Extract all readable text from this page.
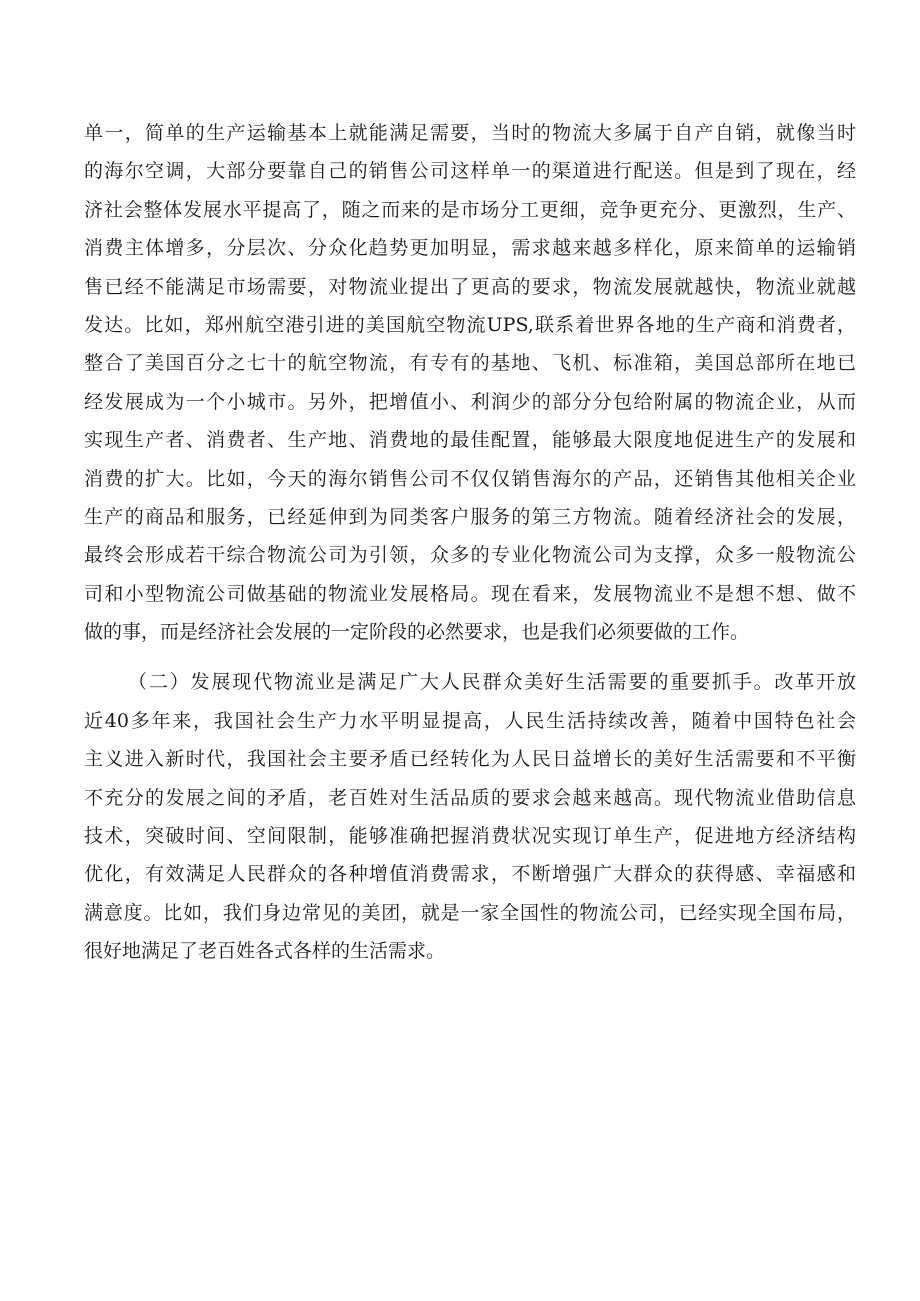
单一，简单的生产运输基本上就能满足需要，当时的物流大多属于自产自销，就像当时
的海尔空调，大部分要靠自己的销售公司这样单一的渠道进行配送。但是到了现在，经
济社会整体发展水平提高了，随之而来的是市场分工更细，竞争更充分、更激烈，生产、
消费主体增多，分层次、分众化趋势更加明显，需求越来越多样化，原来简单的运输销
售已经不能满足市场需要，对物流业提出了更高的要求，物流发展就越快，物流业就越
发达。比如，郑州航空港引进的美国航空物流UPS,联系着世界各地的生产商和消费者，
整合了美国百分之七十的航空物流，有专有的基地、飞机、标准箱，美国总部所在地已
经发展成为一个小城市。另外，把增值小、利润少的部分分包给附属的物流企业，从而
实现生产者、消费者、生产地、消费地的最佳配置，能够最大限度地促进生产的发展和
消费的扩大。比如，今天的海尔销售公司不仅仅销售海尔的产品，还销售其他相关企业
生产的商品和服务，已经延伸到为同类客户服务的第三方物流。随着经济社会的发展，
最终会形成若干综合物流公司为引领，众多的专业化物流公司为支撑，众多一般物流公
司和小型物流公司做基础的物流业发展格局。现在看来，发展物流业不是想不想、做不
做的事，而是经济社会发展的一定阶段的必然要求，也是我们必须要做的工作。
（二）发展现代物流业是满足广大人民群众美好生活需要的重要抓手。改革开放
近40多年来，我国社会生产力水平明显提高，人民生活持续改善，随着中国特色社会
主义进入新时代，我国社会主要矛盾已经转化为人民日益增长的美好生活需要和不平衡
不充分的发展之间的矛盾，老百姓对生活品质的要求会越来越高。现代物流业借助信息
技术，突破时间、空间限制，能够准确把握消费状况实现订单生产，促进地方经济结构
优化，有效满足人民群众的各种增值消费需求，不断增强广大群众的获得感、幸福感和
满意度。比如，我们身边常见的美团，就是一家全国性的物流公司，已经实现全国布局，
很好地满足了老百姓各式各样的生活需求。
